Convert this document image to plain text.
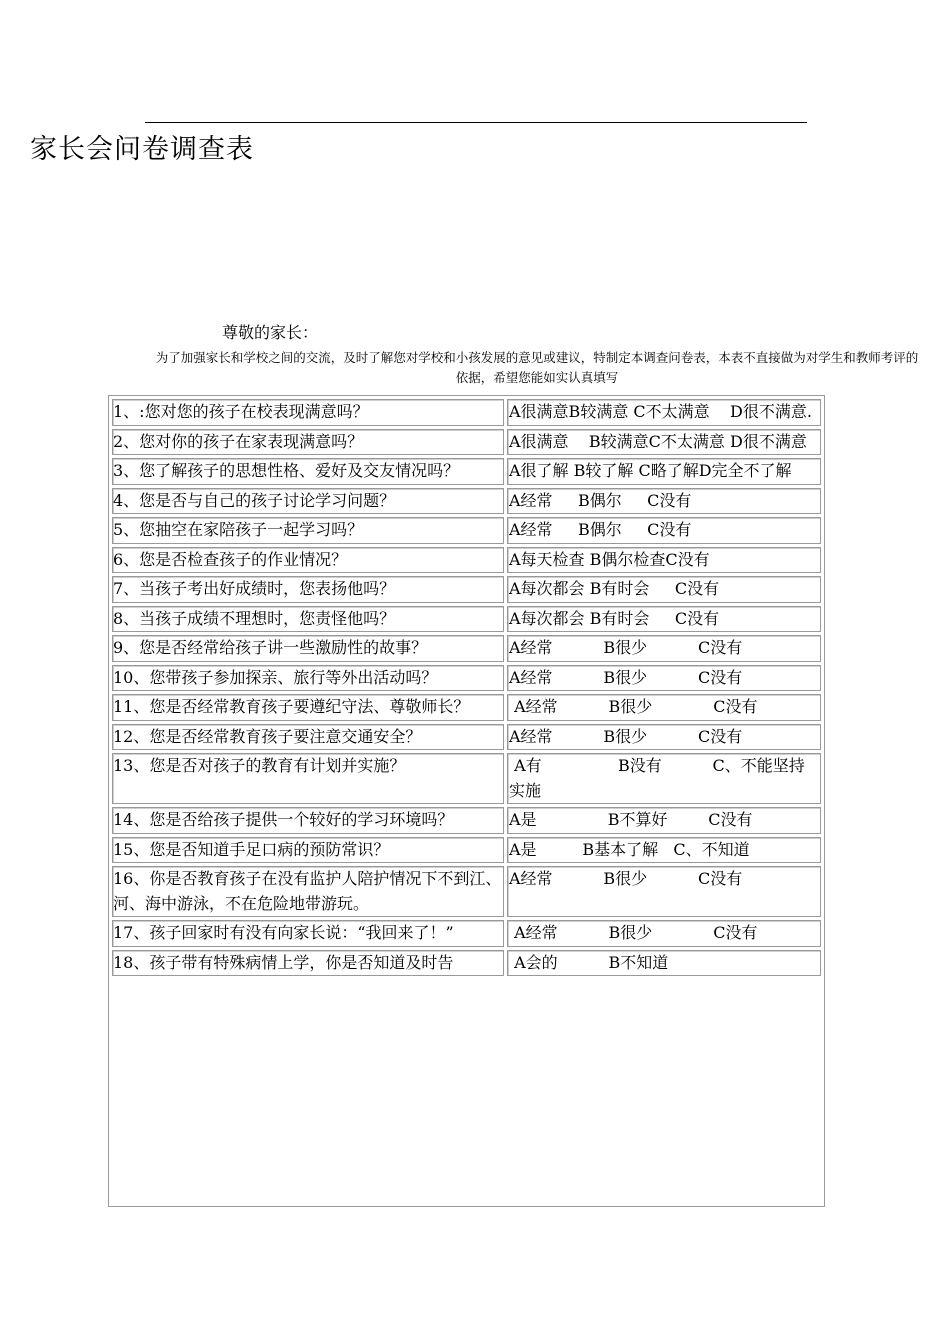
家长会问卷调查表
尊敬的家长：
为了加强家长和学校之间的交流，及时了解您对学校和小孩发展的意见或建议，特制定本调查问卷表，本表不直接做为对学生和教师考评的依据，希望您能如实认真填写
1、:您对您的孩子在校表现满意吗？	A很满意B较满意 C不太满意    D很不满意.
2、您对你的孩子在家表现满意吗？	A很满意    B较满意C不太满意 D很不满意
3、您了解孩子的思想性格、爱好及交友情况吗？	A很了解 B较了解 C略了解D完全不了解
4、您是否与自己的孩子讨论学习问题？	A经常     B偶尔     C没有
5、您抽空在家陪孩子一起学习吗？	A经常     B偶尔     C没有
6、您是否检查孩子的作业情况？	A每天检查 B偶尔检查C没有
7、当孩子考出好成绩时，您表扬他吗？	A每次都会 B有时会     C没有
8、当孩子成绩不理想时，您责怪他吗？	A每次都会 B有时会     C没有
9、您是否经常给孩子讲一些激励性的故事？	A经常          B很少          C没有
10、您带孩子参加探亲、旅行等外出活动吗？	A经常          B很少          C没有
11、您是否经常教育孩子要遵纪守法、尊敬师长？	A经常          B很少            C没有
12、您是否经常教育孩子要注意交通安全？	A经常          B很少          C没有
13、您是否对孩子的教育有计划并实施？	A有               B没有          C、不能坚持实施
14、您是否给孩子提供一个较好的学习环境吗？	A是              B不算好        C没有
15、您是否知道手足口病的预防常识？	A是         B基本了解   C、不知道
16、你是否教育孩子在没有监护人陪护情况下不到江、河、海中游泳，不在危险地带游玩。	A经常          B很少          C没有
17、孩子回家时有没有向家长说：“我回来了！”	A经常          B很少            C没有
18、孩子带有特殊病情上学，你是否知道及时告	A会的          B不知道
